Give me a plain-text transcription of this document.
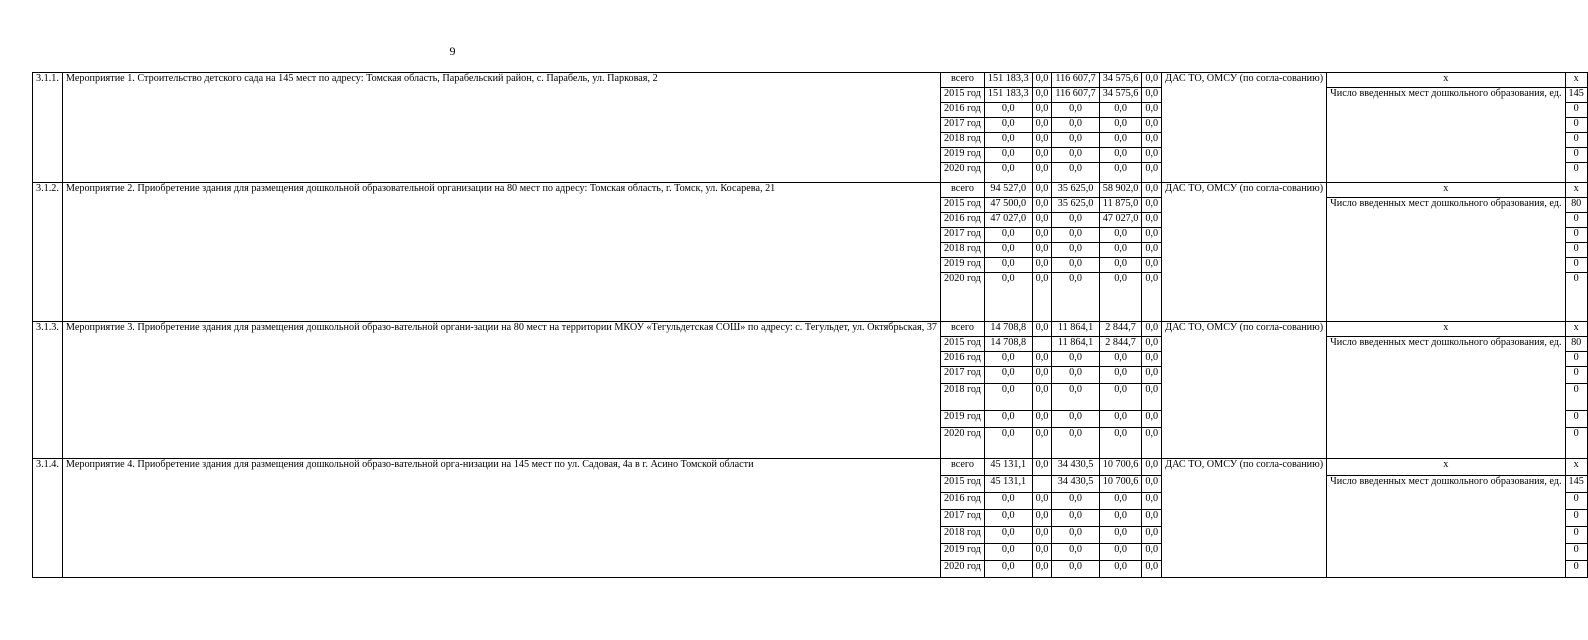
9
3.1.1.	Мероприятие 1. Строительство детского сада на 145 мест по адресу: Томская область, Парабельский район, с. Парабель, ул. Парковая, 2	всего	151 183,3	0,0	116 607,7	34 575,6	0,0	ДАС ТО, ОМСУ (по согла-сованию)	x	x
		2015 год	151 183,3	0,0	116 607,7	34 575,6	0,0		Число введенных мест дошкольного образования, ед.	145
		2016 год	0,0	0,0	0,0	0,0	0,0			0
		2017 год	0,0	0,0	0,0	0,0	0,0			0
		2018 год	0,0	0,0	0,0	0,0	0,0			0
		2019 год	0,0	0,0	0,0	0,0	0,0			0
		2020 год	0,0	0,0	0,0	0,0	0,0			0
3.1.2.	Мероприятие 2. Приобретение здания для размещения дошкольной образовательной организации на 80 мест по адресу: Томская область, г. Томск, ул. Косарева, 21	всего	94 527,0	0,0	35 625,0	58 902,0	0,0	ДАС ТО, ОМСУ (по согла-сованию)	x	x
		2015 год	47 500,0	0,0	35 625,0	11 875,0	0,0		Число введенных мест дошкольного образования, ед.	80
		2016 год	47 027,0	0,0	0,0	47 027,0	0,0			0
		2017 год	0,0	0,0	0,0	0,0	0,0			0
		2018 год	0,0	0,0	0,0	0,0	0,0			0
		2019 год	0,0	0,0	0,0	0,0	0,0			0
		2020 год	0,0	0,0	0,0	0,0	0,0			0
3.1.3.	Мероприятие 3. Приобретение здания для размещения дошкольной образо-вательной органи-зации на 80 мест на территории МКОУ «Тегульдетская СОШ» по адресу: с. Тегульдет, ул. Октябрьская, 37	всего	14 708,8	0,0	11 864,1	2 844,7	0,0	ДАС ТО, ОМСУ (по согла-сованию)	x	x
		2015 год	14 708,8		11 864,1	2 844,7	0,0		Число введенных мест дошкольного образования, ед.	80
		2016 год	0,0	0,0	0,0	0,0	0,0			0
		2017 год	0,0	0,0	0,0	0,0	0,0			0
		2018 год	0,0	0,0	0,0	0,0	0,0			0
		2019 год	0,0	0,0	0,0	0,0	0,0			0
		2020 год	0,0	0,0	0,0	0,0	0,0			0
3.1.4.	Мероприятие 4. Приобретение здания для размещения дошкольной образо-вательной орга-низации на 145 мест по ул. Садовая, 4а в г. Асино Томской области	всего	45 131,1	0,0	34 430,5	10 700,6	0,0	ДАС ТО, ОМСУ (по согла-сованию)	x	x
		2015 год	45 131,1		34 430,5	10 700,6	0,0		Число введенных мест дошкольного образования, ед.	145
		2016 год	0,0	0,0	0,0	0,0	0,0			0
		2017 год	0,0	0,0	0,0	0,0	0,0			0
		2018 год	0,0	0,0	0,0	0,0	0,0			0
		2019 год	0,0	0,0	0,0	0,0	0,0			0
		2020 год	0,0	0,0	0,0	0,0	0,0			0
